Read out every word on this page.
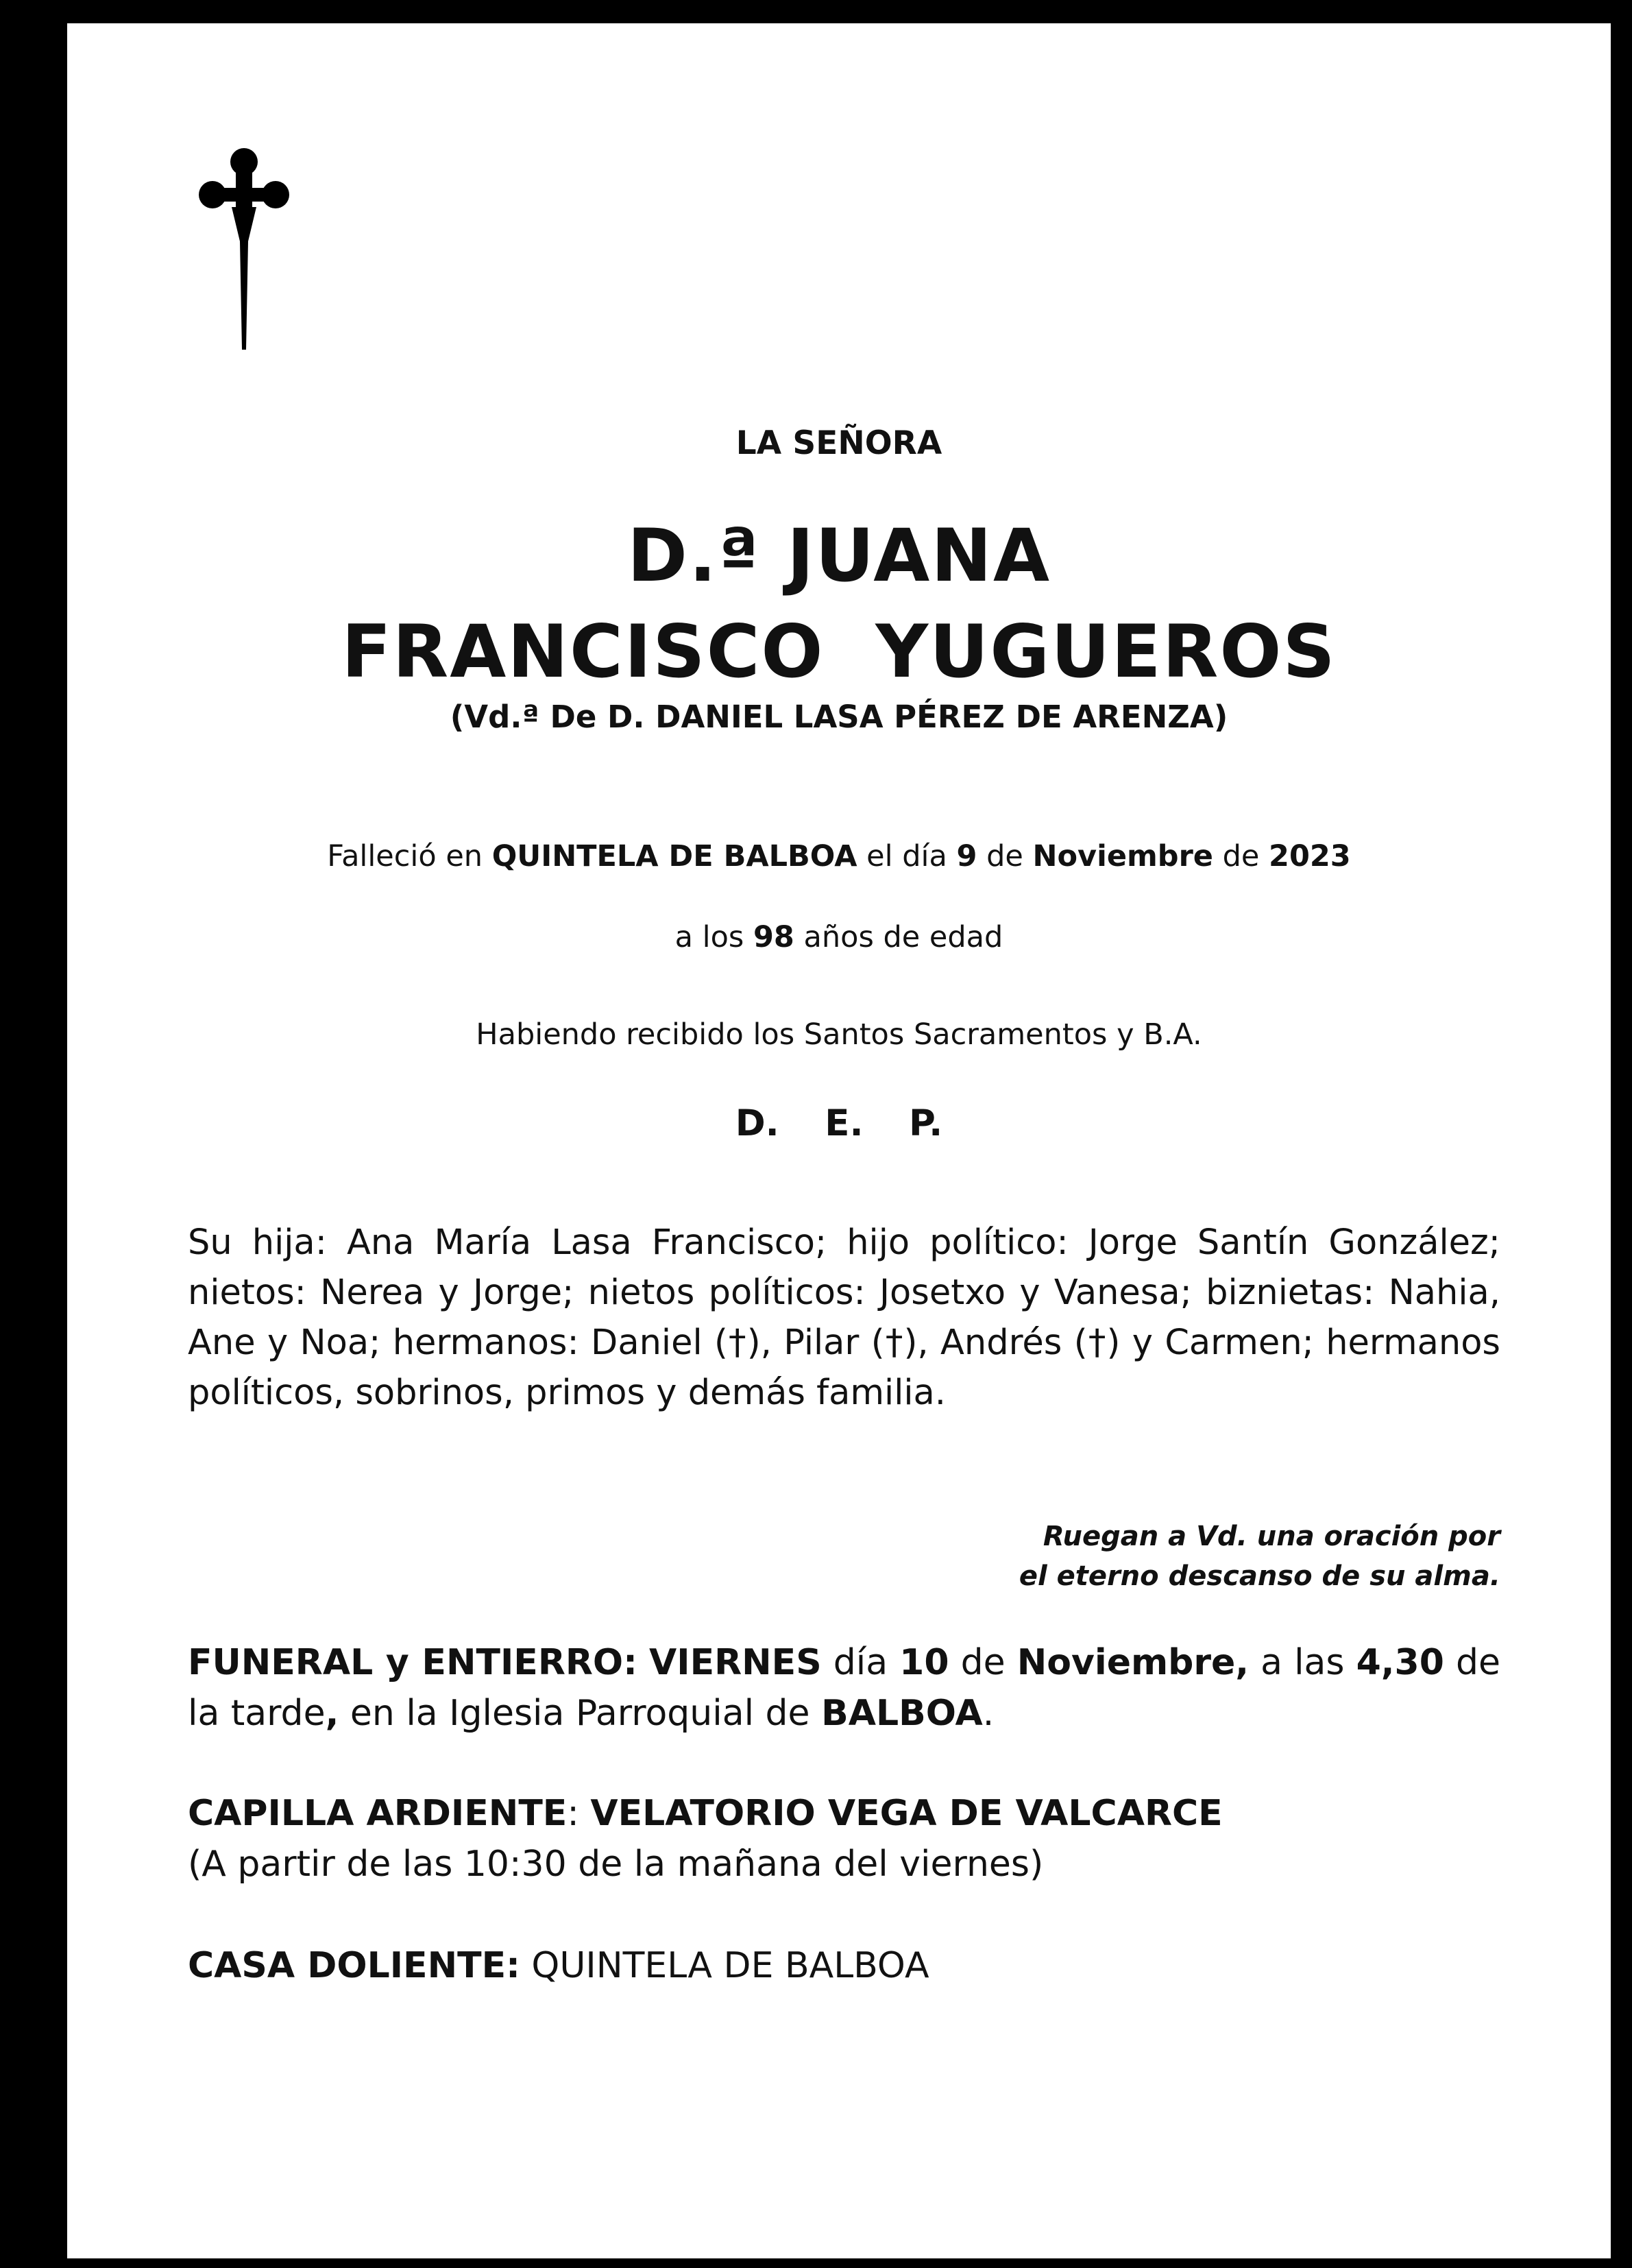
LA SEÑORA
D.ª JUANA
FRANCISCO YUGUEROS
(Vd.ª De D. DANIEL LASA PÉREZ DE ARENZA)
Falleció en QUINTELA DE BALBOA el día 9 de Noviembre de 2023
a los 98 años de edad
Habiendo recibido los Santos Sacramentos y B.A.
D. E. P.
Su hija: Ana María Lasa Francisco; hijo político: Jorge Santín González; nietos: Nerea y Jorge; nietos políticos: Josetxo y Vanesa; biznietas: Nahia, Ane y Noa; hermanos: Daniel (†), Pilar (†), Andrés (†) y Carmen; hermanos políticos, sobrinos, primos y demás familia.
Ruegan a Vd. una oración por
el eterno descanso de su alma.
FUNERAL y ENTIERRO: VIERNES día 10 de Noviembre, a las 4,30 de la tarde, en la Iglesia Parroquial de BALBOA.
CAPILLA ARDIENTE: VELATORIO VEGA DE VALCARCE
(A partir de las 10:30 de la mañana del viernes)
CASA DOLIENTE: QUINTELA DE BALBOA
